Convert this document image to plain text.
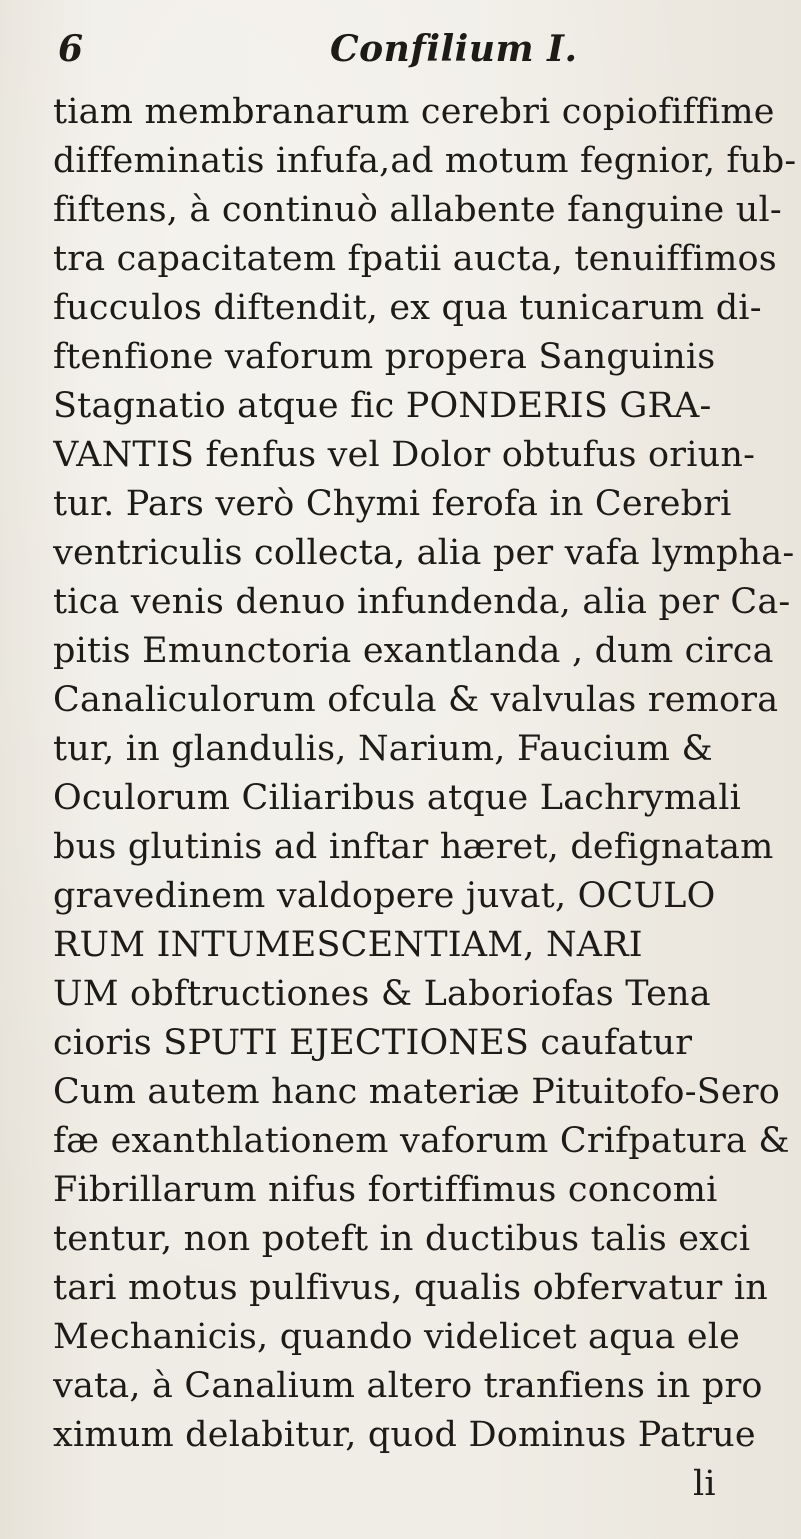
6	Confilium I.
tiam membranarum cerebri copiofiffime
diffeminatis infufa,ad motum fegnior, fub-
fiftens, à continuò allabente fanguine ul-
tra capacitatem fpatii aucta, tenuiffimos
fucculos diftendit, ex qua tunicarum di-
ftenfione vaforum propera Sanguinis
Stagnatio atque fic PONDERIS GRA-
VANTIS fenfus vel Dolor obtufus oriun-
tur. Pars verò Chymi ferofa in Cerebri
ventriculis collecta, alia per vafa lympha-
tica venis denuo infundenda, alia per Ca-
pitis Emunctoria exantlanda , dum circa
Canaliculorum ofcula & valvulas remora
tur, in glandulis, Narium, Faucium &
Oculorum Ciliaribus atque Lachrymali
bus glutinis ad inftar hæret, defignatam
gravedinem valdopere juvat, OCULO
RUM INTUMESCENTIAM, NARI
UM obftructiones & Laboriofas Tena
cioris SPUTI EJECTIONES caufatur
Cum autem hanc materiæ Pituitofo-Sero
fæ exanthlationem vaforum Crifpatura &
Fibrillarum nifus fortiffimus concomi
tentur, non poteft in ductibus talis exci
tari motus pulfivus, qualis obfervatur in
Mechanicis, quando videlicet aqua ele
vata, à Canalium altero tranfiens in pro
ximum delabitur, quod Dominus Patrue
li
